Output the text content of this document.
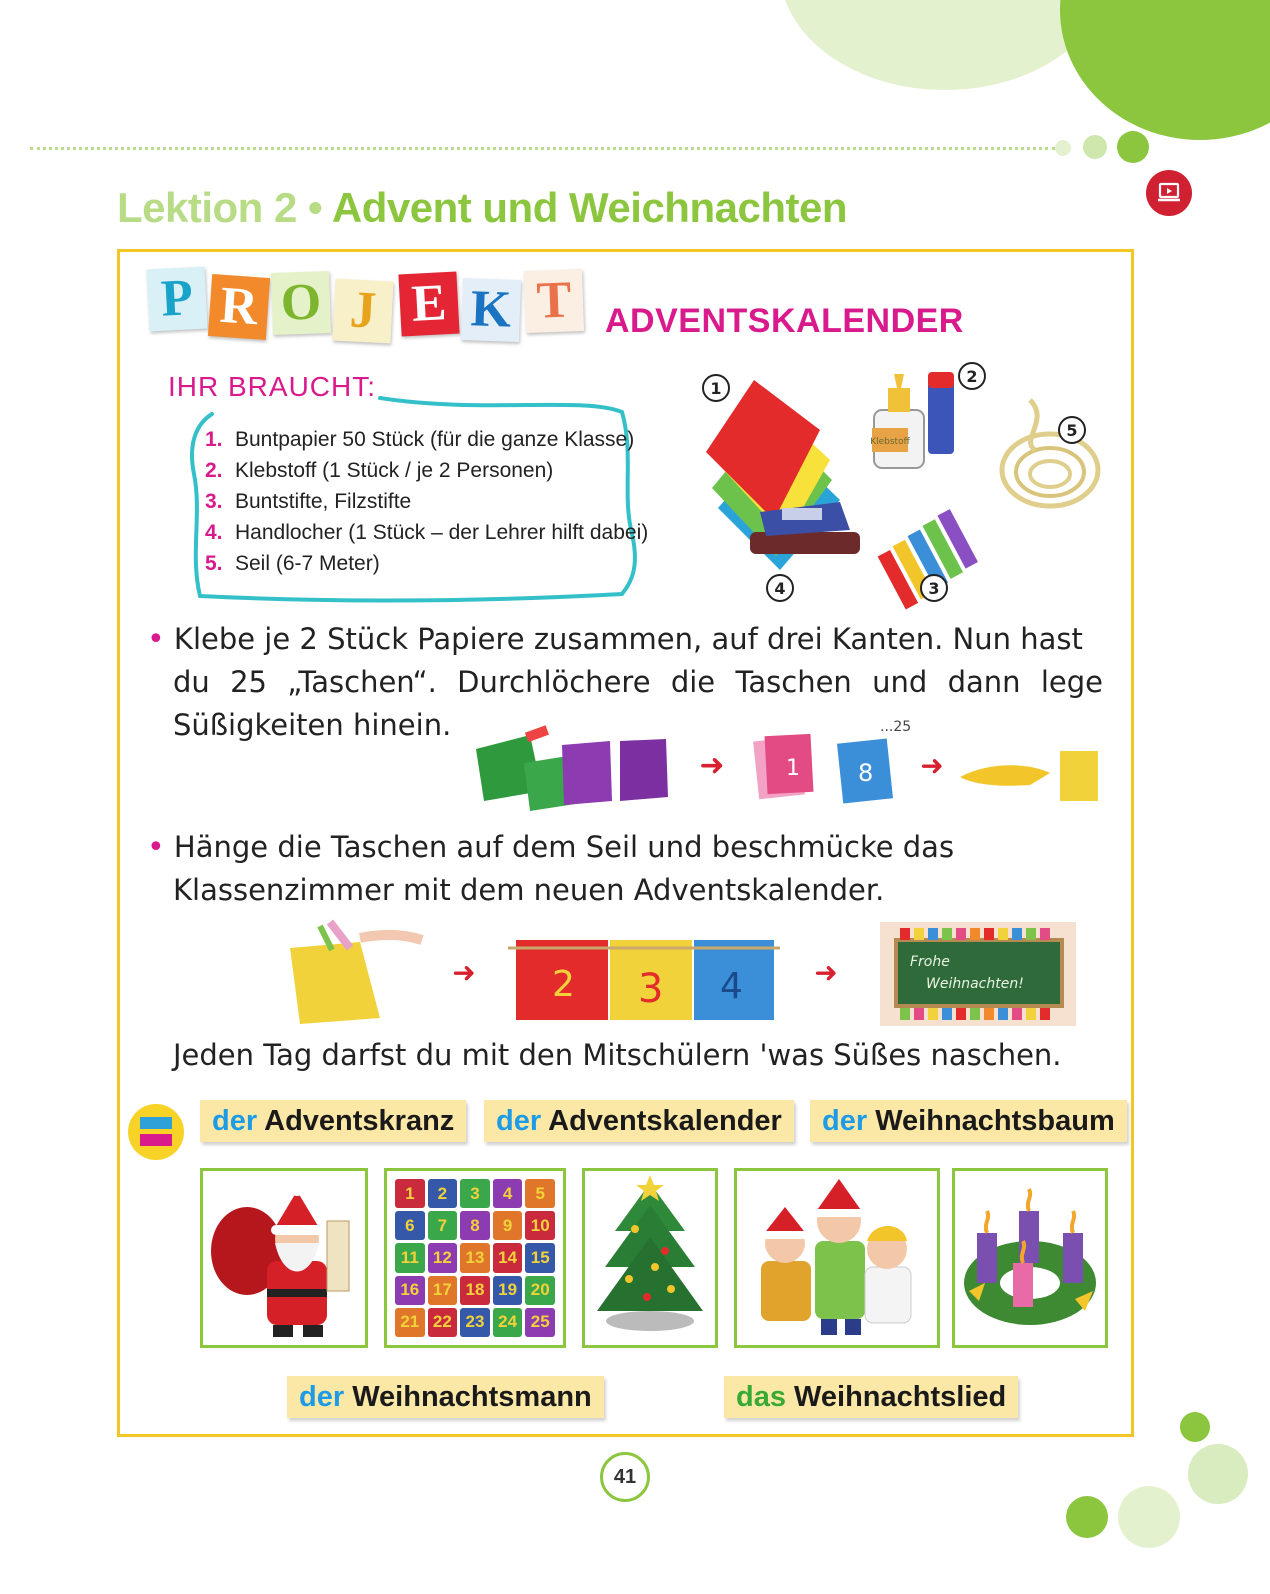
Lektion 2 • Advent und Weichnachten
P R O J E K T ADVENTSKALENDER
IHR BRAUCHT:
1. Buntpapier 50 Stück (für die ganze Klasse)
2. Klebstoff (1 Stück / je 2 Personen)
3. Buntstifte, Filzstifte
4. Handlocher (1 Stück – der Lehrer hilft dabei)
5. Seil (6-7 Meter)
1
Klebstoff
2
5
4	3
• Klebe je 2 Stück Papiere zusammen, auf drei Kanten. Nun hast
du 25 „Taschen“. Durchlöchere die Taschen und dann lege
Süßigkeiten hinein.
➜	1 8
...25
➜
• Hänge die Taschen auf dem Seil und beschmücke das
Klassenzimmer mit dem neuen Adventskalender.
➜ 2 3 4	➜	Frohe
Weihnachten!
Jeden Tag darfst du mit den Mitschülern 'was Süßes naschen.
der Adventskranz	der Adventskalender	der Weihnachtsbaum
1	2	3	4	5
6	7	8	9	10
11 12 13 14 15
16 17 18 19 20
21 22 23 24 25
der Weihnachtsmann	das Weihnachtslied
41
